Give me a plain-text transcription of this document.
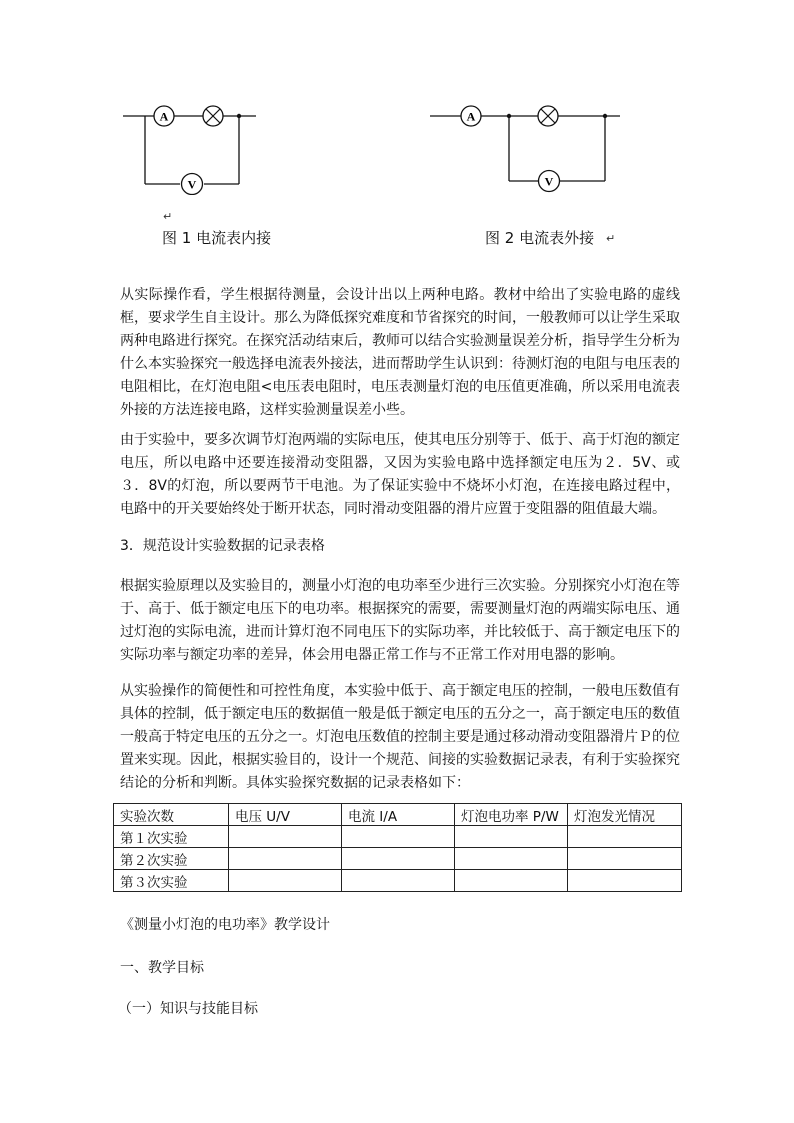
A
V
A
V
↵
图 1 电流表内接	图 2 电流表外接 ↵

从实际操作看，学生根据待测量，会设计出以上两种电路。教材中给出了实验电路的虚线框，要求学生自主设计。那么为降低探究难度和节省探究的时间，一般教师可以让学生采取两种电路进行探究。在探究活动结束后，教师可以结合实验测量误差分析，指导学生分析为什么本实验探究一般选择电流表外接法，进而帮助学生认识到：待测灯泡的电阻与电压表的电阻相比，在灯泡电阻<电压表电阻时，电压表测量灯泡的电压值更准确，所以采用电流表外接的方法连接电路，这样实验测量误差小些。

由于实验中，要多次调节灯泡两端的实际电压，使其电压分别等于、低于、高于灯泡的额定电压，所以电路中还要连接滑动变阻器，又因为实验电路中选择额定电压为２．5V、或３．8V的灯泡，所以要两节干电池。为了保证实验中不烧坏小灯泡，在连接电路过程中，电路中的开关要始终处于断开状态，同时滑动变阻器的滑片应置于变阻器的阻值最大端。

3．规范设计实验数据的记录表格

根据实验原理以及实验目的，测量小灯泡的电功率至少进行三次实验。分别探究小灯泡在等于、高于、低于额定电压下的电功率。根据探究的需要，需要测量灯泡的两端实际电压、通过灯泡的实际电流，进而计算灯泡不同电压下的实际功率，并比较低于、高于额定电压下的实际功率与额定功率的差异，体会用电器正常工作与不正常工作对用电器的影响。

从实验操作的简便性和可控性角度，本实验中低于、高于额定电压的控制，一般电压数值有具体的控制，低于额定电压的数据值一般是低于额定电压的五分之一，高于额定电压的数值一般高于特定电压的五分之一。灯泡电压数值的控制主要是通过移动滑动变阻器滑片Ｐ的位置来实现。因此，根据实验目的，设计一个规范、间接的实验数据记录表，有利于实验探究结论的分析和判断。具体实验探究数据的记录表格如下：

实验次数	电压 U/V	电流 I/A	灯泡电功率 P/W	灯泡发光情况
第１次实验				
第２次实验				
第３次实验				
《测量小灯泡的电功率》教学设计
一、教学目标
（一）知识与技能目标
